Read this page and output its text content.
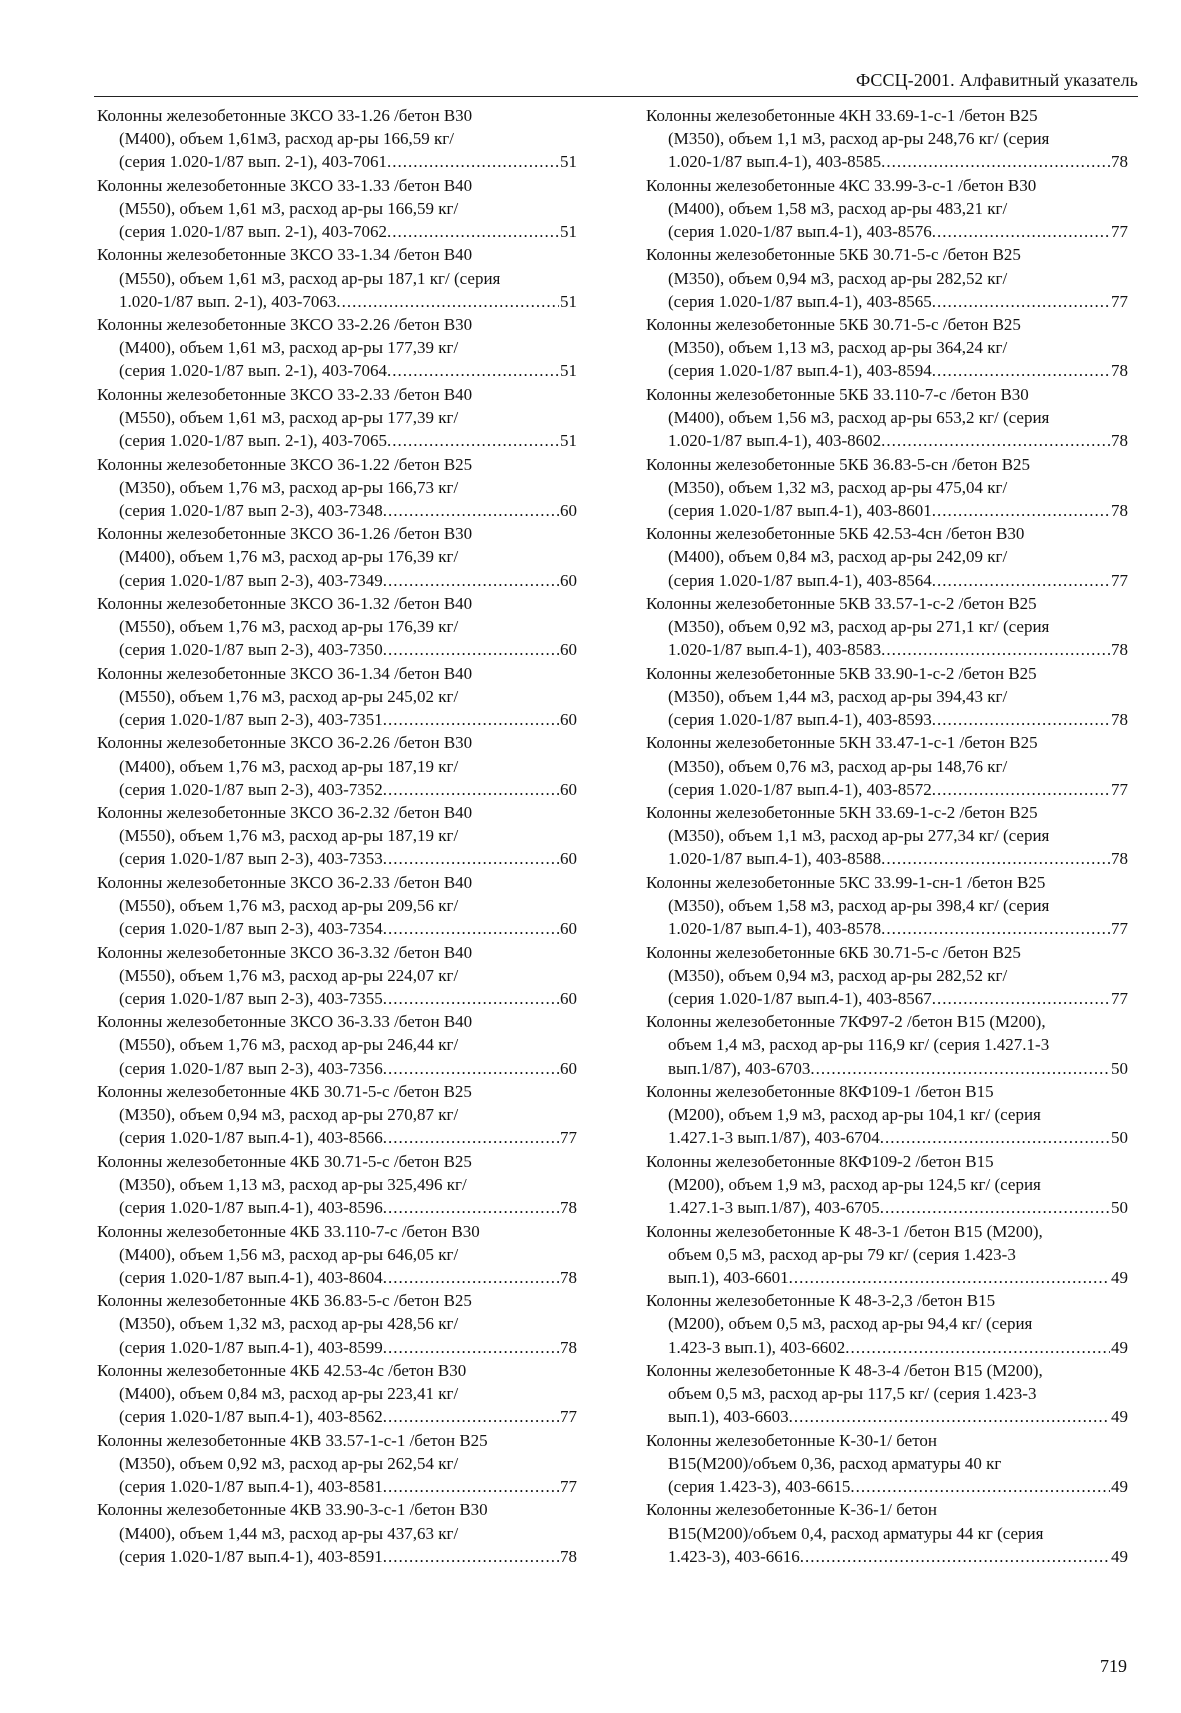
ФССЦ-2001. Алфавитный указатель
Колонны железобетонные 3КСО 33-1.26 /бетон В30
(М400), объем 1,61м3, расход ар-ры 166,59 кг/
(серия 1.020-1/87 вып. 2-1), 403-7061 .....	51
Колонны железобетонные 3КСО 33-1.33 /бетон В40
(М550), объем 1,61 м3, расход ар-ры 166,59 кг/
(серия 1.020-1/87 вып. 2-1), 403-7062 .....	51
Колонны железобетонные 3КСО 33-1.34 /бетон В40
(М550), объем 1,61 м3, расход ар-ры 187,1 кг/ (серия
1.020-1/87 вып. 2-1), 403-7063 .....	51
Колонны железобетонные 3КСО 33-2.26 /бетон В30
(М400), объем 1,61 м3, расход ар-ры 177,39 кг/
(серия 1.020-1/87 вып. 2-1), 403-7064 .....	51
Колонны железобетонные 3КСО 33-2.33 /бетон В40
(М550), объем 1,61 м3, расход ар-ры 177,39 кг/
(серия 1.020-1/87 вып. 2-1), 403-7065 .....	51
Колонны железобетонные 3КСО 36-1.22 /бетон В25
(М350), объем 1,76 м3, расход ар-ры 166,73 кг/
(серия 1.020-1/87 вып 2-3), 403-7348 .....	60
Колонны железобетонные 3КСО 36-1.26 /бетон В30
(М400), объем 1,76 м3, расход ар-ры 176,39 кг/
(серия 1.020-1/87 вып 2-3), 403-7349 .....	60
Колонны железобетонные 3КСО 36-1.32 /бетон В40
(М550), объем 1,76 м3, расход ар-ры 176,39 кг/
(серия 1.020-1/87 вып 2-3), 403-7350 .....	60
Колонны железобетонные 3КСО 36-1.34 /бетон В40
(М550), объем 1,76 м3, расход ар-ры 245,02 кг/
(серия 1.020-1/87 вып 2-3), 403-7351 .....	60
Колонны железобетонные 3КСО 36-2.26 /бетон В30
(М400), объем 1,76 м3, расход ар-ры 187,19 кг/
(серия 1.020-1/87 вып 2-3), 403-7352 .....	60
Колонны железобетонные 3КСО 36-2.32 /бетон В40
(М550), объем 1,76 м3, расход ар-ры 187,19 кг/
(серия 1.020-1/87 вып 2-3), 403-7353 .....	60
Колонны железобетонные 3КСО 36-2.33 /бетон В40
(М550), объем 1,76 м3, расход ар-ры 209,56 кг/
(серия 1.020-1/87 вып 2-3), 403-7354 .....	60
Колонны железобетонные 3КСО 36-3.32 /бетон В40
(М550), объем 1,76 м3, расход ар-ры 224,07 кг/
(серия 1.020-1/87 вып 2-3), 403-7355 .....	60
Колонны железобетонные 3КСО 36-3.33 /бетон В40
(М550), объем 1,76 м3, расход ар-ры 246,44 кг/
(серия 1.020-1/87 вып 2-3), 403-7356 .....	60
Колонны железобетонные 4КБ 30.71-5-с /бетон В25
(М350), объем 0,94 м3, расход ар-ры 270,87 кг/
(серия 1.020-1/87 вып.4-1), 403-8566 .....	77
Колонны железобетонные 4КБ 30.71-5-с /бетон В25
(М350), объем 1,13 м3, расход ар-ры 325,496 кг/
(серия 1.020-1/87 вып.4-1), 403-8596 .....	78
Колонны железобетонные 4КБ 33.110-7-с /бетон В30
(М400), объем 1,56 м3, расход ар-ры 646,05 кг/
(серия 1.020-1/87 вып.4-1), 403-8604 .....	78
Колонны железобетонные 4КБ 36.83-5-с /бетон В25
(М350), объем 1,32 м3, расход ар-ры 428,56 кг/
(серия 1.020-1/87 вып.4-1), 403-8599 .....	78
Колонны железобетонные 4КБ 42.53-4с /бетон В30
(М400), объем 0,84 м3, расход ар-ры 223,41 кг/
(серия 1.020-1/87 вып.4-1), 403-8562 .....	77
Колонны железобетонные 4КВ 33.57-1-с-1 /бетон В25
(М350), объем 0,92 м3, расход ар-ры 262,54 кг/
(серия 1.020-1/87 вып.4-1), 403-8581 .....	77
Колонны железобетонные 4КВ 33.90-3-с-1 /бетон В30
(М400), объем 1,44 м3, расход ар-ры 437,63 кг/
(серия 1.020-1/87 вып.4-1), 403-8591 .....	78
Колонны железобетонные 4КН 33.69-1-с-1 /бетон В25
(М350), объем 1,1 м3, расход ар-ры 248,76 кг/ (серия
1.020-1/87 вып.4-1), 403-8585 .....	78
Колонны железобетонные 4КС 33.99-3-с-1 /бетон В30
(М400), объем 1,58 м3, расход ар-ры 483,21 кг/
(серия 1.020-1/87 вып.4-1), 403-8576 .....	77
Колонны железобетонные 5КБ 30.71-5-с /бетон В25
(М350), объем 0,94 м3, расход ар-ры 282,52 кг/
(серия 1.020-1/87 вып.4-1), 403-8565 .....	77
Колонны железобетонные 5КБ 30.71-5-с /бетон В25
(М350), объем 1,13 м3, расход ар-ры 364,24 кг/
(серия 1.020-1/87 вып.4-1), 403-8594 .....	78
Колонны железобетонные 5КБ 33.110-7-с /бетон В30
(М400), объем 1,56 м3, расход ар-ры 653,2 кг/ (серия
1.020-1/87 вып.4-1), 403-8602 .....	78
Колонны железобетонные 5КБ 36.83-5-сн /бетон В25
(М350), объем 1,32 м3, расход ар-ры 475,04 кг/
(серия 1.020-1/87 вып.4-1), 403-8601 .....	78
Колонны железобетонные 5КБ 42.53-4сн /бетон В30
(М400), объем 0,84 м3, расход ар-ры 242,09 кг/
(серия 1.020-1/87 вып.4-1), 403-8564 .....	77
Колонны железобетонные 5КВ 33.57-1-с-2 /бетон В25
(М350), объем 0,92 м3, расход ар-ры 271,1 кг/ (серия
1.020-1/87 вып.4-1), 403-8583 .....	78
Колонны железобетонные 5КВ 33.90-1-с-2 /бетон В25
(М350), объем 1,44 м3, расход ар-ры 394,43 кг/
(серия 1.020-1/87 вып.4-1), 403-8593 .....	78
Колонны железобетонные 5КН 33.47-1-с-1 /бетон В25
(М350), объем 0,76 м3, расход ар-ры 148,76 кг/
(серия 1.020-1/87 вып.4-1), 403-8572 .....	77
Колонны железобетонные 5КН 33.69-1-с-2 /бетон В25
(М350), объем 1,1 м3, расход ар-ры 277,34 кг/ (серия
1.020-1/87 вып.4-1), 403-8588 .....	78
Колонны железобетонные 5КС 33.99-1-сн-1 /бетон В25
(М350), объем 1,58 м3, расход ар-ры 398,4 кг/ (серия
1.020-1/87 вып.4-1), 403-8578 .....	77
Колонны железобетонные 6КБ 30.71-5-с /бетон В25
(М350), объем 0,94 м3, расход ар-ры 282,52 кг/
(серия 1.020-1/87 вып.4-1), 403-8567 .....	77
Колонны железобетонные 7КФ97-2 /бетон В15 (М200),
объем 1,4 м3, расход ар-ры 116,9 кг/ (серия 1.427.1-3
вып.1/87), 403-6703 .....	50
Колонны железобетонные 8КФ109-1 /бетон В15
(М200), объем 1,9 м3, расход ар-ры 104,1 кг/ (серия
1.427.1-3 вып.1/87), 403-6704 .....	50
Колонны железобетонные 8КФ109-2 /бетон В15
(М200), объем 1,9 м3, расход ар-ры 124,5 кг/ (серия
1.427.1-3 вып.1/87), 403-6705 .....	50
Колонны железобетонные К 48-3-1 /бетон В15 (М200),
объем 0,5 м3, расход ар-ры 79 кг/ (серия 1.423-3
вып.1), 403-6601 .....	49
Колонны железобетонные К 48-3-2,3 /бетон В15
(М200), объем 0,5 м3, расход ар-ры 94,4 кг/ (серия
1.423-3 вып.1), 403-6602 .....	49
Колонны железобетонные К 48-3-4 /бетон В15 (М200),
объем 0,5 м3, расход ар-ры 117,5 кг/ (серия 1.423-3
вып.1), 403-6603 .....	49
Колонны железобетонные К-30-1/ бетон
В15(М200)/объем 0,36, расход арматуры 40 кг
(серия 1.423-3), 403-6615 .....	49
Колонны железобетонные К-36-1/ бетон
В15(М200)/объем 0,4, расход арматуры 44 кг (серия
1.423-3), 403-6616 .....	49
719
